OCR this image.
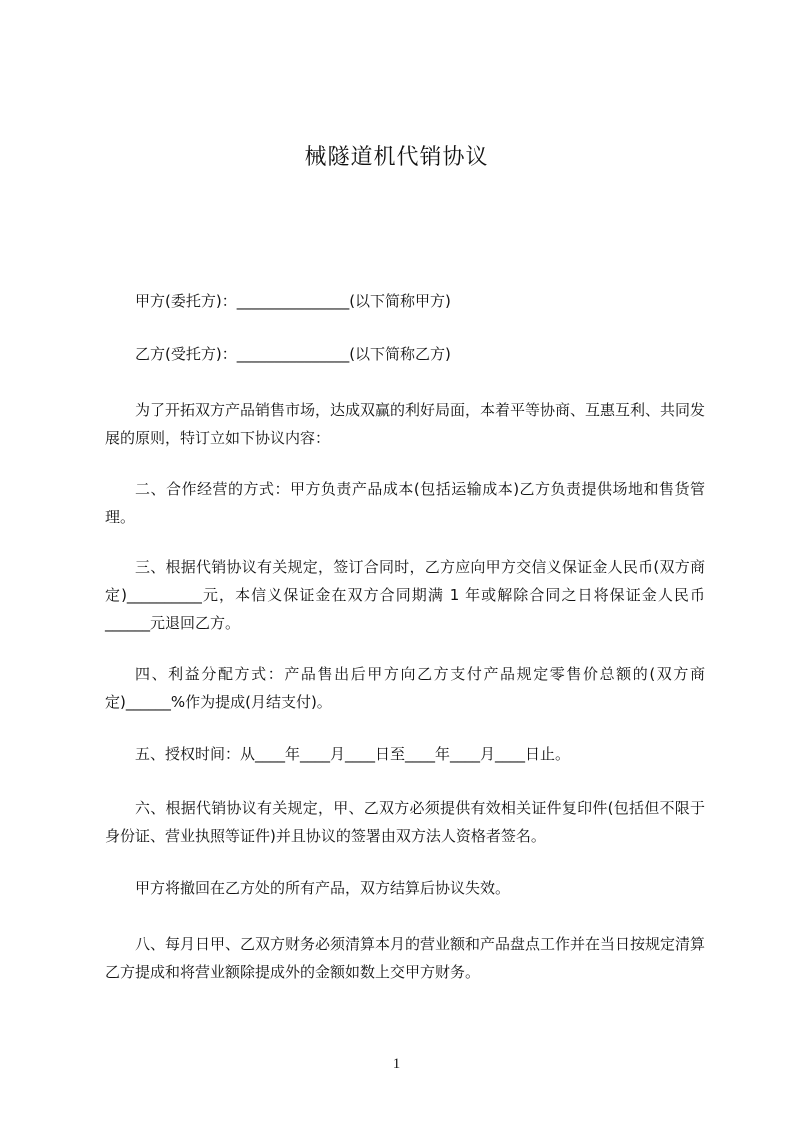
械隧道机代销协议
甲方(委托方)：_______________(以下简称甲方)
乙方(受托方)：_______________(以下简称乙方)
为了开拓双方产品销售市场，达成双赢的利好局面，本着平等协商、互惠互利、共同发展的原则，特订立如下协议内容：
二、合作经营的方式：甲方负责产品成本(包括运输成本)乙方负责提供场地和售货管理。
三、根据代销协议有关规定，签订合同时，乙方应向甲方交信义保证金人民币(双方商定)__________元，本信义保证金在双方合同期满 1 年或解除合同之日将保证金人民币______元退回乙方。
四、利益分配方式：产品售出后甲方向乙方支付产品规定零售价总额的(双方商定)______%作为提成(月结支付)。
五、授权时间：从____年____月____日至____年____月____日止。
六、根据代销协议有关规定，甲、乙双方必须提供有效相关证件复印件(包括但不限于身份证、营业执照等证件)并且协议的签署由双方法人资格者签名。
甲方将撤回在乙方处的所有产品，双方结算后协议失效。
八、每月日甲、乙双方财务必须清算本月的营业额和产品盘点工作并在当日按规定清算乙方提成和将营业额除提成外的金额如数上交甲方财务。
1
